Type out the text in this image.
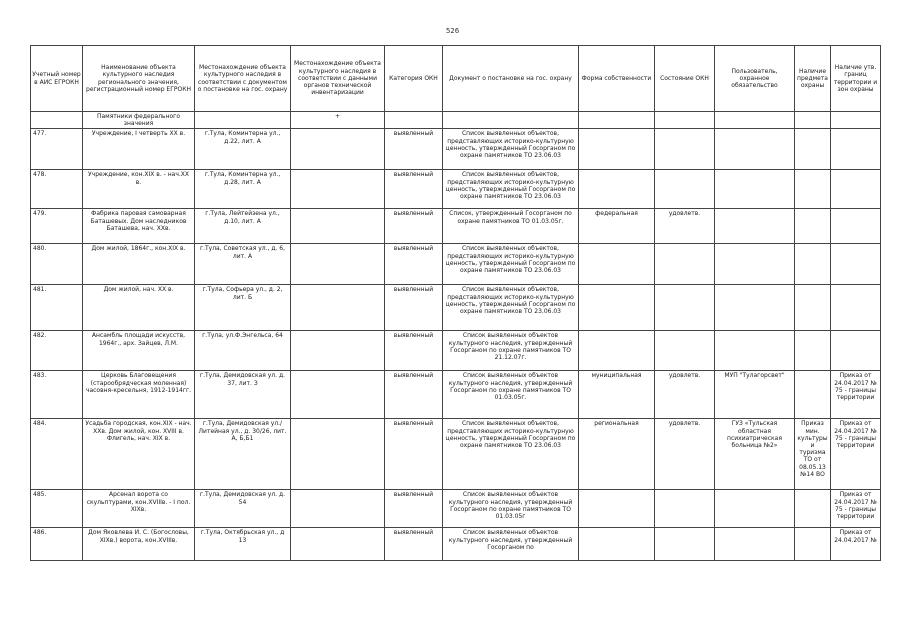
526
Учетный номер в АИС ЕГРОКН	Наименование объекта культурного наследия регионального значения, регистрационный номер ЕГРОКН	Местонахождение объекта культурного наследия в соответствии с документом о постановке на гос. охрану	Местонахождение объекта культурного наследия в соответствии с данными органов технической инвентаризации	Категория ОКН	Документ о постановке на гос. охрану	Форма собственности	Состояние ОКН	Пользователь, охранное обязательство	Наличие предмета охраны	Наличие утв. границ территории и зон охраны
	Памятники федерального значения		+							
477.	Учреждение, I четверть XX в.	г.Тула, Коминтерна ул., д.22, лит. А		выявленный	Список выявленных объектов, представляющих историко-культурную ценность, утвержденный Госорганом по охране памятников ТО 23.06.03					
478.	Учреждение, кон.XIX в. - нач.XX в.	г.Тула, Коминтерна ул., д.28, лит. А		выявленный	Список выявленных объектов, представляющих историко-культурную ценность, утвержденный Госорганом по охране памятников ТО 23.06.03					
479.	Фабрика паровая самоварная Баташевых. Дом наследников Баташева, нач. XXв.	г.Тула, Лейтейзена ул., д.10, лит. А		выявленный	Список, утвержденный Госорганом по охране памятников ТО 01.03.05г.	федеральная	удовлетв.			
480.	Дом жилой, 1864г., кон.XIX в.	г.Тула, Советская ул., д. 6, лит. А		выявленный	Список выявленных объектов, представляющих историко-культурную ценность, утвержденный Госорганом по охране памятников ТО 23.06.03					
481.	Дом жилой, нач. XX в.	г.Тула, Софьера ул., д. 2, лит. Б		выявленный	Список выявленных объектов, представляющих историко-культурную ценность, утвержденный Госорганом по охране памятников ТО 23.06.03					
482.	Ансамбль площади искусств, 1964г., арх. Зайцев, Л.М.	г.Тула, ул.Ф.Энгельса, 64		выявленный	Список выявленных объектов культурного наследия, утвержденный Госорганом по охране памятников ТО 21.12.07г.					
483.	Церковь Благовещения (старообрядческая моленная) часовня-кресельня, 1912-1914гг.	г.Тула, Демидовская ул. д. 37, лит. З		выявленный	Список выявленных объектов культурного наследия, утвержденный Госорганом по охране памятников ТО 01.03.05г.	муниципальная	удовлетв.	МУП "Тулагорсвет"		Приказ от 24.04.2017 № 75 - границы территории
484.	Усадьба городская, кон.XIX - нач. XXв. Дом жилой, кон. XVIII в. Флигель, нач. XIX в.	г.Тула, Демидовская ул./Литейная ул., д. 30/26, лит. А, Б,Б1		выявленный	Список выявленных объектов, представляющих историко-культурную ценность, утвержденный Госорганом по охране памятников ТО 23.06.03	региональная	удовлетв.	ГУЗ «Тульская областная психиатрическая больница №2»	Приказ мин. культуры и туризма ТО от 08.05.13 №14 ВО	Приказ от 24.04.2017 № 75 - границы территории
485.	Арсенал ворота со скульптурами, кон.XVIIIв. - I пол. XIXв.	г.Тула, Демидовская ул. д. 54		выявленный	Список выявленных объектов культурного наследия, утвержденный Госорганом по охране памятников ТО 01.03.05г					Приказ от 24.04.2017 № 75 - границы территории
486.	Дом Яковлева И. С. (Богословы, XIXв.) ворота, кон.XVIIIв.	г.Тула, Октябрьская ул., д 13		выявленный	Список выявленных объектов культурного наследия, утвержденный Госорганом по					Приказ от 24.04.2017 №
